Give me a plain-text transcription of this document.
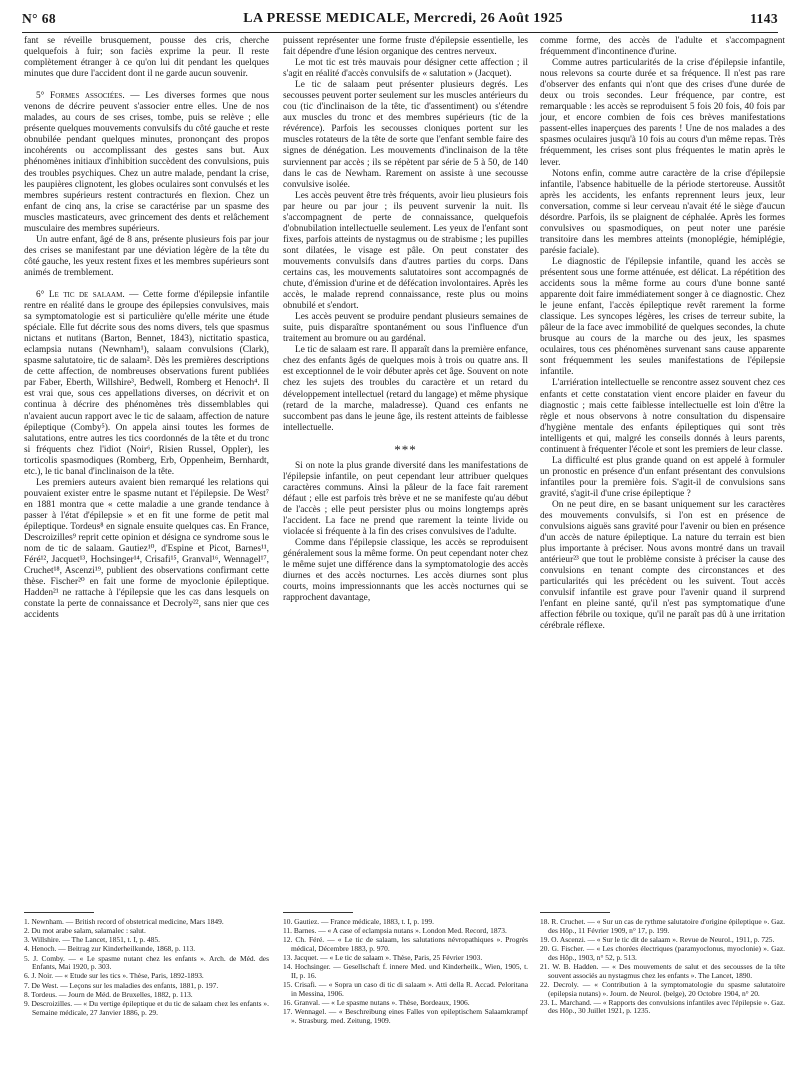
N° 68	LA PRESSE MEDICALE, Mercredi, 26 Août 1925	1143

fant se réveille brusquement, pousse des cris, cherche quelquefois à fuir; son faciès exprime la peur. Il reste complètement étranger à ce qu'on lui dit pendant les quelques minutes que dure l'accident dont il ne garde aucun souvenir.

5° Formes associées. — Les diverses formes que nous venons de décrire peuvent s'associer entre elles. Une de nos malades, au cours de ses crises, tombe, puis se relève ; elle présente quelques mouvements convulsifs du côté gauche et reste obnubilée pendant quelques minutes, prononçant des propos incohérents ou accomplissant des gestes sans but. Aux phénomènes initiaux d'inhibition succèdent des convulsions, puis des troubles psychiques. Chez un autre malade, pendant la crise, les paupières clignotent, les globes oculaires sont convulsés et les membres supérieurs restent contracturés en flexion. Chez un enfant de cinq ans, la crise se caractérise par un spasme des muscles masticateurs, avec grincement des dents et relâchement musculaire des membres supérieurs.

Un autre enfant, âgé de 8 ans, présente plusieurs fois par jour des crises se manifestant par une déviation légère de la tête du côté gauche, les yeux restent fixes et les membres supérieurs sont animés de tremblement.

6° Le tic de salaam. — Cette forme d'épilepsie infantile rentre en réalité dans le groupe des épilepsies convulsives, mais sa symptomatologie est si particulière qu'elle mérite une étude spéciale. Elle fut décrite sous des noms divers, tels que spasmus nictans et nutitans (Barton, Bennet, 1843), nictitatio spastica, eclampsia nutans (Newnham¹), salaam convulsions (Clark), spasme salutatoire, tic de salaam². Dès les premières descriptions de cette affection, de nombreuses observations furent publiées par Faber, Eberth, Willshire³, Bedwell, Romberg et Henoch⁴. Il est vrai que, sous ces appellations diverses, on décrivit et on continua à décrire des phénomènes très dissemblables qui n'avaient aucun rapport avec le tic de salaam, affection de nature épileptique (Comby⁵). On appela ainsi toutes les formes de salutations, entre autres les tics coordonnés de la tête et du tronc si fréquents chez l'idiot (Noir⁶, Risien Russel, Oppler), les torticolis spasmodiques (Romberg, Erb, Oppenheim, Bernhardt, etc.), le tic banal d'inclinaison de la tête.

Les premiers auteurs avaient bien remarqué les relations qui pouvaient exister entre le spasme nutant et l'épilepsie. De West⁷ en 1881 montra que « cette maladie a une grande tendance à passer à l'état d'épilepsie » et en fit une forme de petit mal épileptique. Tordeus⁸ en signale ensuite quelques cas. En France, Descroizilles⁹ reprit cette opinion et désigna ce syndrome sous le nom de tic de salaam. Gautiez¹⁰, d'Espine et Picot, Barnes¹¹, Féré¹², Jacquet¹³, Hochsinger¹⁴, Crisafi¹⁵, Granval¹⁶, Wennagel¹⁷, Cruchet¹⁸, Ascenzi¹⁹, publient des observations confirmant cette thèse. Fischer²⁰ en fait une forme de myoclonie épileptique. Hadden²¹ ne rattache à l'épilepsie que les cas dans lesquels on constate la perte de connaissance et Decroly²², sans nier que ces accidents

puissent représenter une forme fruste d'épilepsie essentielle, les fait dépendre d'une lésion organique des centres nerveux.

Le mot tic est très mauvais pour désigner cette affection ; il s'agit en réalité d'accès convulsifs de « salutation » (Jacquet).

Le tic de salaam peut présenter plusieurs degrés. Les secousses peuvent porter seulement sur les muscles antérieurs du cou (tic d'inclinaison de la tête, tic d'assentiment) ou s'étendre aux muscles du tronc et des membres supérieurs (tic de la révérence). Parfois les secousses cloniques portent sur les muscles rotateurs de la tête de sorte que l'enfant semble faire des signes de dénégation. Les mouvements d'inclinaison de la tête surviennent par accès ; ils se répètent par série de 5 à 50, de 140 dans le cas de Newham. Rarement on assiste à une secousse convulsive isolée.

Les accès peuvent être très fréquents, avoir lieu plusieurs fois par heure ou par jour ; ils peuvent survenir la nuit. Ils s'accompagnent de perte de connaissance, quelquefois d'obnubilation intellectuelle seulement. Les yeux de l'enfant sont fixes, parfois atteints de nystagmus ou de strabisme ; les pupilles sont dilatées, le visage est pâle. On peut constater des mouvements convulsifs dans d'autres parties du corps. Dans certains cas, les mouvements salutatoires sont accompagnés de chute, d'émission d'urine et de défécation involontaires. Après les accès, le malade reprend connaissance, reste plus ou moins obnubilé et s'endort.

Les accès peuvent se produire pendant plusieurs semaines de suite, puis disparaître spontanément ou sous l'influence d'un traitement au bromure ou au gardénal.

Le tic de salaam est rare. Il apparaît dans la première enfance, chez des enfants âgés de quelques mois à trois ou quatre ans. Il est exceptionnel de le voir débuter après cet âge. Souvent on note chez les sujets des troubles du caractère et un retard du développement intellectuel (retard du langage) et même physique (retard de la marche, maladresse). Quand ces enfants ne succombent pas dans le jeune âge, ils restent atteints de faiblesse intellectuelle.

***

Si on note la plus grande diversité dans les manifestations de l'épilepsie infantile, on peut cependant leur attribuer quelques caractères communs. Ainsi la pâleur de la face fait rarement défaut ; elle est parfois très brève et ne se manifeste qu'au début de l'accès ; elle peut persister plus ou moins longtemps après l'accident. La face ne prend que rarement la teinte livide ou violacée si fréquente à la fin des crises convulsives de l'adulte.

Comme dans l'épilepsie classique, les accès se reproduisent généralement sous la même forme. On peut cependant noter chez le même sujet une différence dans la symptomatologie des accès diurnes et des accès nocturnes. Les accès diurnes sont plus courts, moins impressionnants que les accès nocturnes qui se rapprochent davantage,

comme forme, des accès de l'adulte et s'accompagnent fréquemment d'incontinence d'urine.

Comme autres particularités de la crise d'épilepsie infantile, nous relevons sa courte durée et sa fréquence. Il n'est pas rare d'observer des enfants qui n'ont que des crises d'une durée de deux ou trois secondes. Leur fréquence, par contre, est remarquable : les accès se reproduisent 5 fois 20 fois, 40 fois par jour, et encore combien de fois ces brèves manifestations passent-elles inaperçues des parents ! Une de nos malades a des spasmes oculaires jusqu'à 10 fois au cours d'un même repas. Très fréquemment, les crises sont plus fréquentes le matin après le lever.

Notons enfin, comme autre caractère de la crise d'épilepsie infantile, l'absence habituelle de la période stertoreuse. Aussitôt après les accidents, les enfants reprennent leurs jeux, leur conversation, comme si leur cerveau n'avait été le siège d'aucun désordre. Parfois, ils se plaignent de céphalée. Après les formes convulsives ou spasmodiques, on peut noter une parésie transitoire dans les membres atteints (monoplégie, hémiplégie, parésie faciale).

Le diagnostic de l'épilepsie infantile, quand les accès se présentent sous une forme atténuée, est délicat. La répétition des accidents sous la même forme au cours d'une bonne santé apparente doit faire immédiatement songer à ce diagnostic. Chez le jeune enfant, l'accès épileptique revêt rarement la forme classique. Les syncopes légères, les crises de terreur subite, la pâleur de la face avec immobilité de quelques secondes, la chute brusque au cours de la marche ou des jeux, les spasmes oculaires, tous ces phénomènes survenant sans cause apparente sont fréquemment les seules manifestations de l'épilepsie infantile.

L'arriération intellectuelle se rencontre assez souvent chez ces enfants et cette constatation vient encore plaider en faveur du diagnostic ; mais cette faiblesse intellectuelle est loin d'être la règle et nous observons à notre consultation du dispensaire d'hygiène mentale des enfants épileptiques qui sont très intelligents et qui, malgré les conseils donnés à leurs parents, continuent à fréquenter l'école et sont les premiers de leur classe.

La difficulté est plus grande quand on est appelé à formuler un pronostic en présence d'un enfant présentant des convulsions infantiles pour la première fois. S'agit-il de convulsions sans gravité, s'agit-il d'une crise épileptique ?

On ne peut dire, en se basant uniquement sur les caractères des mouvements convulsifs, si l'on est en présence de convulsions aiguës sans gravité pour l'avenir ou bien en présence d'un accès de nature épileptique. La nature du terrain est bien plus importante à préciser. Nous avons montré dans un travail antérieur²³ que tout le problème consiste à préciser la cause des convulsions en tenant compte des circonstances et des particularités qui les précèdent ou les suivent. Tout accès convulsif infantile est grave pour l'avenir quand il surprend l'enfant en pleine santé, qu'il n'est pas symptomatique d'une affection fébrile ou toxique, qu'il ne paraît pas dû à une irritation cérébrale réflexe.

1. Newnham. — British record of obstetrical medicine, Mars 1849.

2. Du mot arabe salam, salamalec : salut.

3. Willshire. — The Lancet, 1851, t. I, p. 485.

4. Henoch. — Beitrag zur Kinderheilkunde, 1868, p. 113.

5. J. Comby. — « Le spasme nutant chez les enfants ». Arch. de Méd. des Enfants, Mai 1920, p. 303.

6. J. Noir. — « Etude sur les tics ». Thèse, Paris, 1892-1893.

7. De West. — Leçons sur les maladies des enfants, 1881, p. 197.

8. Tordeus. — Journ de Méd. de Bruxelles, 1882, p. 113.

9. Descroizilles. — « Du vertige épileptique et du tic de salaam chez les enfants ». Semaine médicale, 27 Janvier 1886, p. 29.

10. Gautiez. — France médicale, 1883, t. I, p. 199.

11. Barnes. — « A case of eclampsia nutans ». London Med. Record, 1873.

12. Ch. Féré. — « Le tic de salaam, les salutations névropathiques ». Progrès médical, Décembre 1883, p. 970.

13. Jacquet. — « Le tic de salaam ». Thèse, Paris, 25 Février 1903.

14. Hochsinger. — Gesellschaft f. innere Med. und Kinderheilk., Wien, 1905, t. II, p. 16.

15. Crisafi. — « Sopra un caso di tic di salaam ». Atti della R. Accad. Peloritana in Messina, 1906.

16. Granval. — « Le spasme nutans ». Thèse, Bordeaux, 1906.

17. Wennagel. — « Beschreibung eines Falles von epileptischem Salaamkrampf ». Strasburg. med. Zeitung, 1909.

18. R. Cruchet. — « Sur un cas de rythme salutatoire d'origine épileptique ». Gaz. des Hôp., 11 Février 1909, n° 17, p. 199.

19. O. Ascenzi. — « Sur le tic dit de salaam ». Revue de Neurol., 1911, p. 725.

20. G. Fischer. — « Les chorées électriques (paramyoclonus, myoclonie) ». Gaz. des Hôp., 1903, n° 52, p. 513.

21. W. B. Hadden. — « Des mouvements de salut et des secousses de la tête souvent associés au nystagmus chez les enfants ». The Lancet, 1890.

22. Decroly. — « Contribution à la symptomatologie du spasme salutatoire (epilepsia nutans) ». Journ. de Neurol. (belge), 20 Octobre 1904, n° 20.

23. L. Marchand. — « Rapports des convulsions infantiles avec l'épilepsie ». Gaz. des Hôp., 30 Juillet 1921, p. 1235.
